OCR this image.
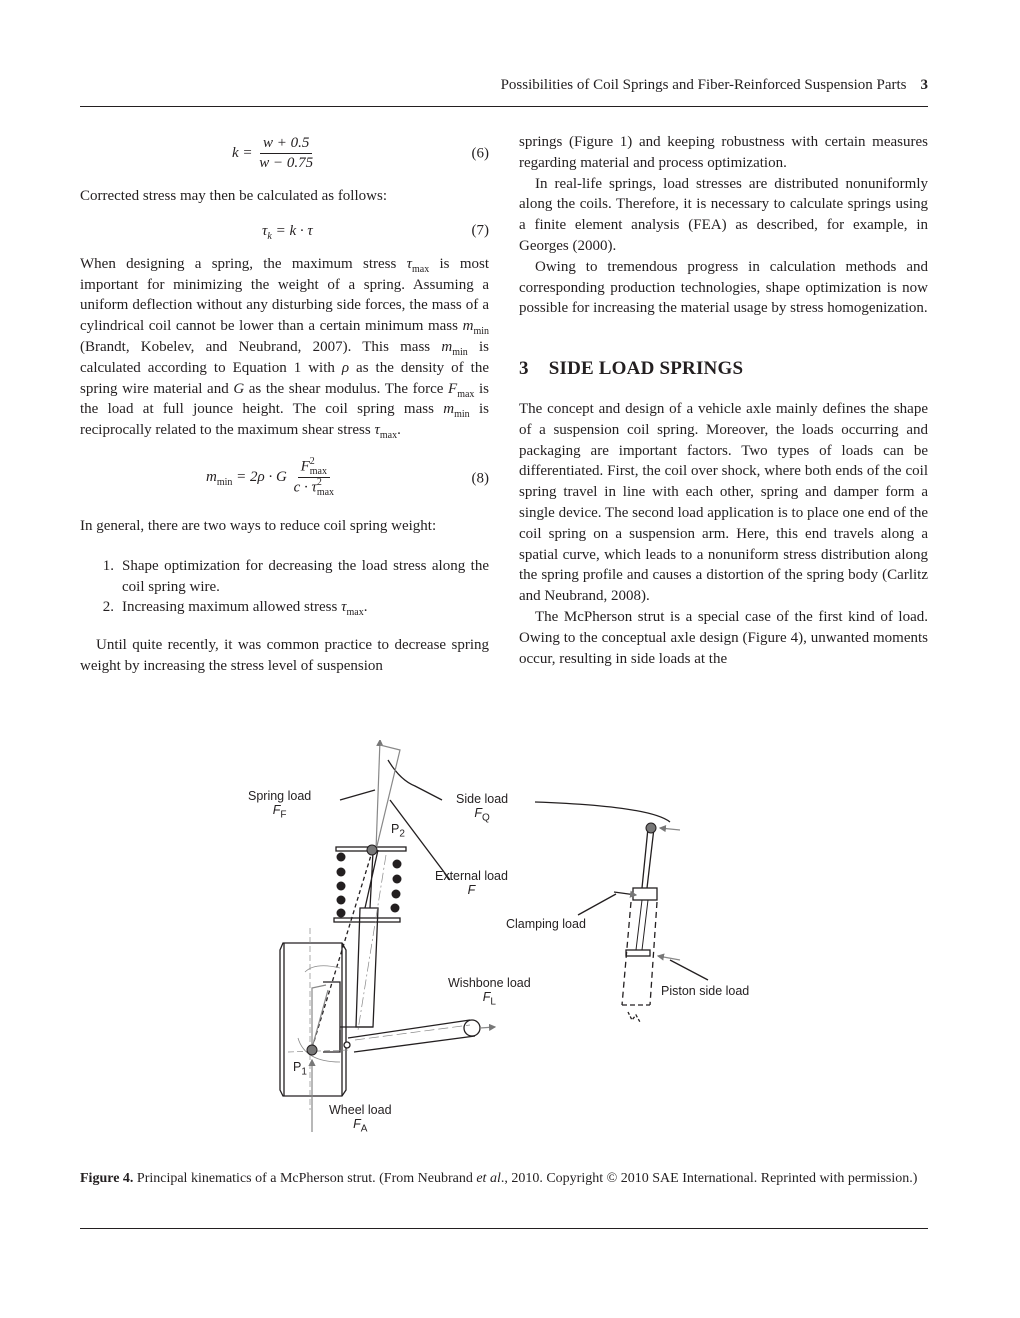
Possibilities of Coil Springs and Fiber-Reinforced Suspension Parts 3
$k = \frac{w + 0.5}{w - 0.75}$	(6)

Corrected stress may then be calculated as follows:

$\tau_k = k \cdot \tau$	(7)

When designing a spring, the maximum stress $\tau_{max}$ is most important for minimizing the weight of a spring. Assuming a uniform deflection without any disturbing side forces, the mass of a cylindrical coil cannot be lower than a certain minimum mass $m_{min}$ (Brandt, Kobelev, and Neubrand, 2007). This mass $m_{min}$ is calculated according to Equation 1 with ρ as the density of the spring wire material and G as the shear modulus. The force $F_{max}$ is the load at full jounce height. The coil spring mass $m_{min}$ is reciprocally related to the maximum shear stress $\tau_{max}$.

$m_{min} = 2\rho \cdot G$ F 2
max
c · τ 2
max	(8)

In general, there are two ways to reduce coil spring weight:

1. Shape optimization for decreasing the load stress along the coil spring wire.
2. Increasing maximum allowed stress $\tau_{max}$.

Until quite recently, it was common practice to decrease spring weight by increasing the stress level of suspension

springs (Figure 1) and keeping robustness with certain measures regarding material and process optimization.

In real-life springs, load stresses are distributed nonuniformly along the coils. Therefore, it is necessary to calculate springs using a finite element analysis (FEA) as described, for example, in Georges (2000).

Owing to tremendous progress in calculation methods and corresponding production technologies, shape optimization is now possible for increasing the material usage by stress homogenization.

3 SIDE LOAD SPRINGS

The concept and design of a vehicle axle mainly defines the shape of a suspension coil spring. Moreover, the loads occurring and packaging are important factors. Two types of loads can be differentiated. First, the coil over shock, where both ends of the coil spring travel in line with each other, spring and damper form a single device. The second load application is to place one end of the coil spring on a suspension arm. Here, this end travels along a spatial curve, which leads to a nonuniform stress distribution along the spring profile and causes a distortion of the spring body (Carlitz and Neubrand, 2008).

The McPherson strut is a special case of the first kind of load. Owing to the conceptual axle design (Figure 4), unwanted moments occur, resulting in side loads at the

Spring load
$F_F$
Side load
$F_Q$
$P_2$
External load
F
Clamping load
Wishbone load
$F_L$
Piston side load
$P_1$
Wheel load
$F_A$
Figure 4. Principal kinematics of a McPherson strut. (From Neubrand et al., 2010. Copyright © 2010 SAE International. Reprinted with permission.)
